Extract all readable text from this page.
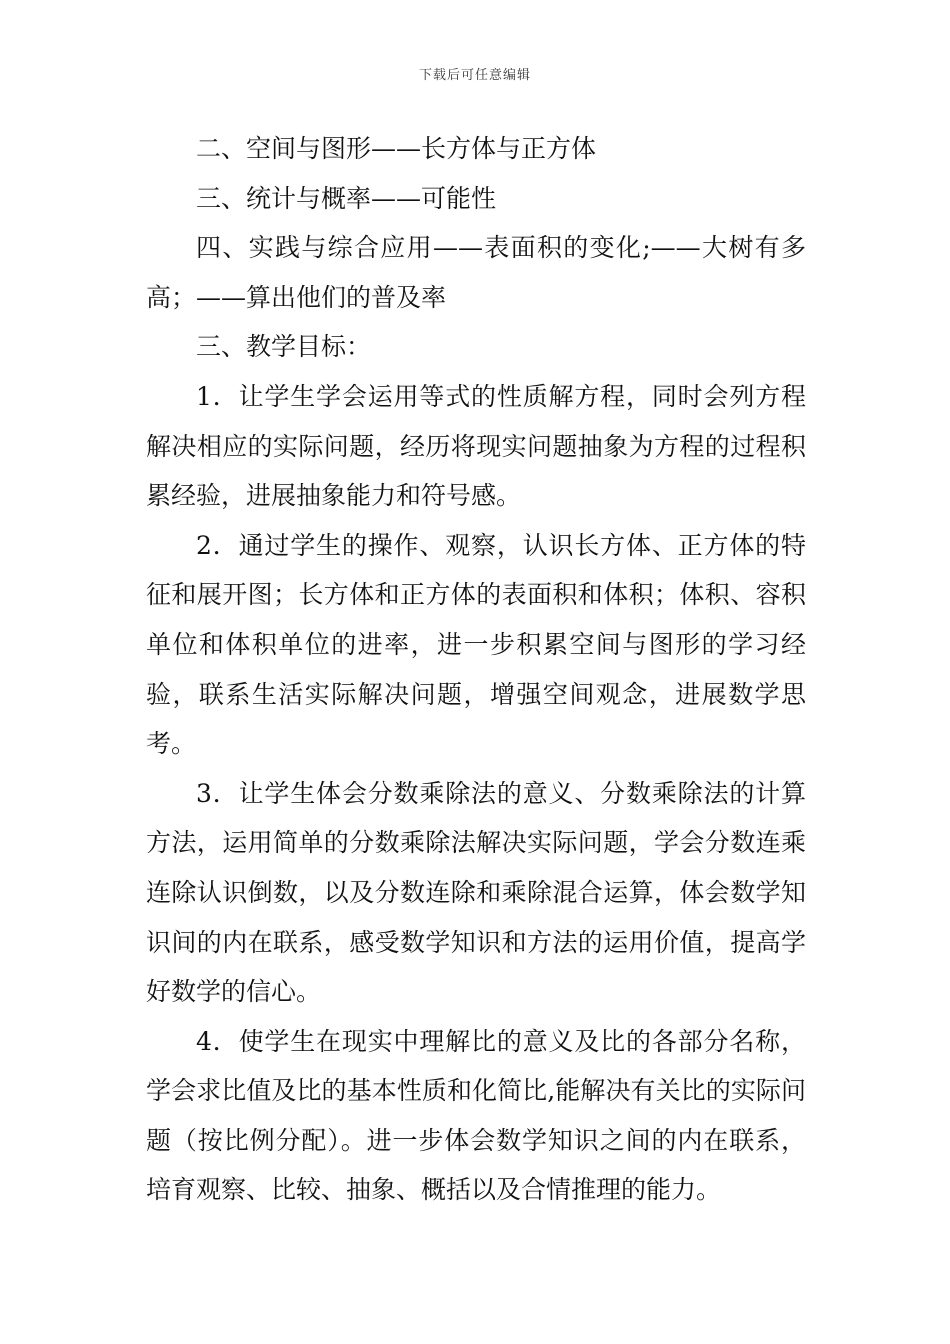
下载后可任意编辑

二、空间与图形——长方体与正方体

三、统计与概率——可能性

四、实践与综合应用——表面积的变化;——大树有多高；——算出他们的普及率

三、教学目标：

1．让学生学会运用等式的性质解方程，同时会列方程解决相应的实际问题，经历将现实问题抽象为方程的过程积累经验，进展抽象能力和符号感。

2．通过学生的操作、观察，认识长方体、正方体的特征和展开图；长方体和正方体的表面积和体积；体积、容积单位和体积单位的进率，进一步积累空间与图形的学习经验，联系生活实际解决问题，增强空间观念，进展数学思考。

3．让学生体会分数乘除法的意义、分数乘除法的计算方法，运用简单的分数乘除法解决实际问题，学会分数连乘连除认识倒数，以及分数连除和乘除混合运算，体会数学知识间的内在联系，感受数学知识和方法的运用价值，提高学好数学的信心。

4．使学生在现实中理解比的意义及比的各部分名称，学会求比值及比的基本性质和化简比,能解决有关比的实际问题（按比例分配）。进一步体会数学知识之间的内在联系，培育观察、比较、抽象、概括以及合情推理的能力。
